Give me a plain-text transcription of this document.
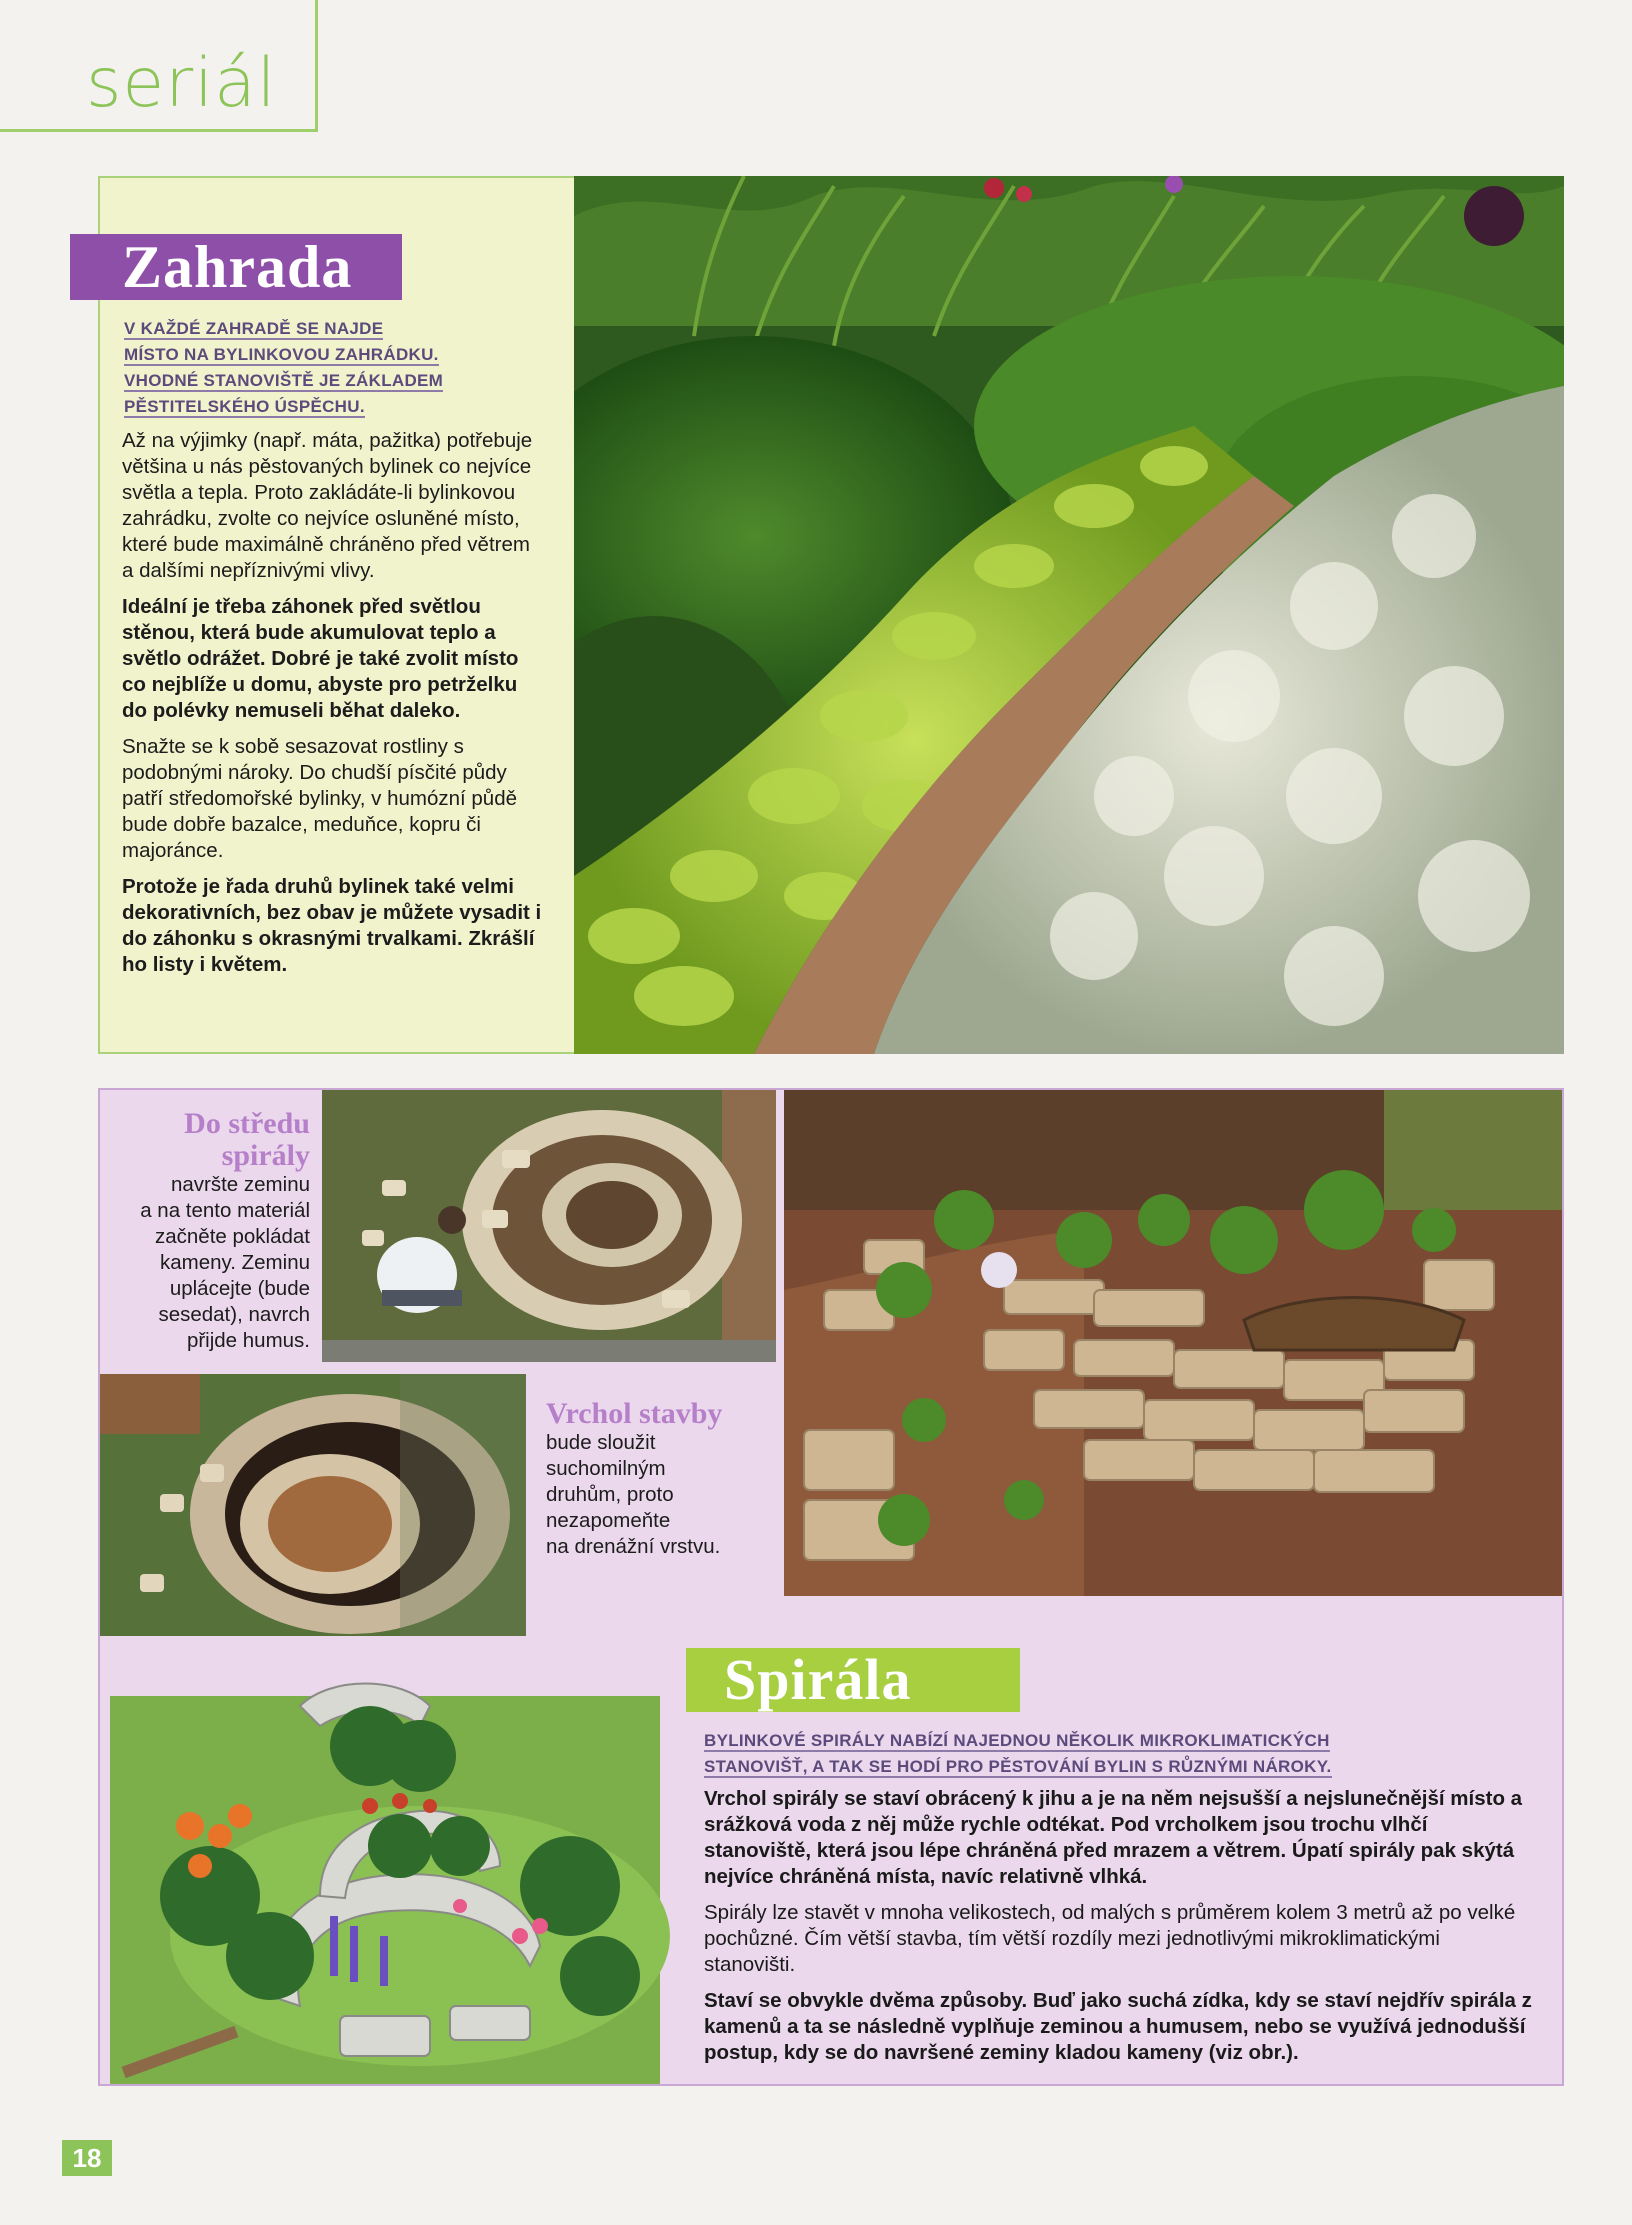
seriál
Zahrada
V KAŽDÉ ZAHRADĚ SE NAJDE
MÍSTO NA BYLINKOVOU ZAHRÁDKU.
VHODNÉ STANOVIŠTĚ JE ZÁKLADEM
PĚSTITELSKÉHO ÚSPĚCHU.

Až na výjimky (např. máta, pažitka) potřebuje většina u nás pěstovaných bylinek co nejvíce světla a tepla. Proto zakládáte-li bylinkovou zahrádku, zvolte co nejvíce osluněné místo, které bude maximálně chráněno před větrem a dalšími nepříznivými vlivy.

Ideální je třeba záhonek před světlou stěnou, která bude akumulovat teplo a světlo odrážet. Dobré je také zvolit místo co nejblíže u domu, abyste pro petrželku do polévky nemuseli běhat daleko.

Snažte se k sobě sesazovat rostliny s podobnými nároky. Do chudší písčité půdy patří středomořské bylinky, v humózní půdě bude dobře bazalce, meduňce, kopru či majoránce.

Protože je řada druhů bylinek také velmi dekorativních, bez obav je můžete vysadit i do záhonku s okrasnými trvalkami. Zkrášlí ho listy i květem.

Do středu
spirály
navršte zeminu
a na tento materiál
začněte pokládat
kameny. Zeminu
uplácejte (bude
sesedat), navrch
přijde humus.
Vrchol stavby
bude sloužit
suchomilným
druhům, proto
nezapomeňte
na drenážní vrstvu.
Spirála
BYLINKOVÉ SPIRÁLY NABÍZÍ NAJEDNOU NĚKOLIK MIKROKLIMATICKÝCH
STANOVIŠŤ, A TAK SE HODÍ PRO PĚSTOVÁNÍ BYLIN S RŮZNÝMI NÁROKY.

Vrchol spirály se staví obrácený k jihu a je na něm nejsušší a nejslunečnější místo a srážková voda z něj může rychle odtékat. Pod vrcholkem jsou trochu vlhčí stanoviště, která jsou lépe chráněná před mrazem a větrem. Úpatí spirály pak skýtá nejvíce chráněná místa, navíc relativně vlhká.

Spirály lze stavět v mnoha velikostech, od malých s průměrem kolem 3 metrů až po velké pochůzné. Čím větší stavba, tím větší rozdíly mezi jednotlivými mikroklimatickými stanovišti.

Staví se obvykle dvěma způsoby. Buď jako suchá zídka, kdy se staví nejdřív spirála z kamenů a ta se následně vyplňuje zeminou a humusem, nebo se využívá jednodušší postup, kdy se do navršené zeminy kladou kameny (viz obr.).

18
